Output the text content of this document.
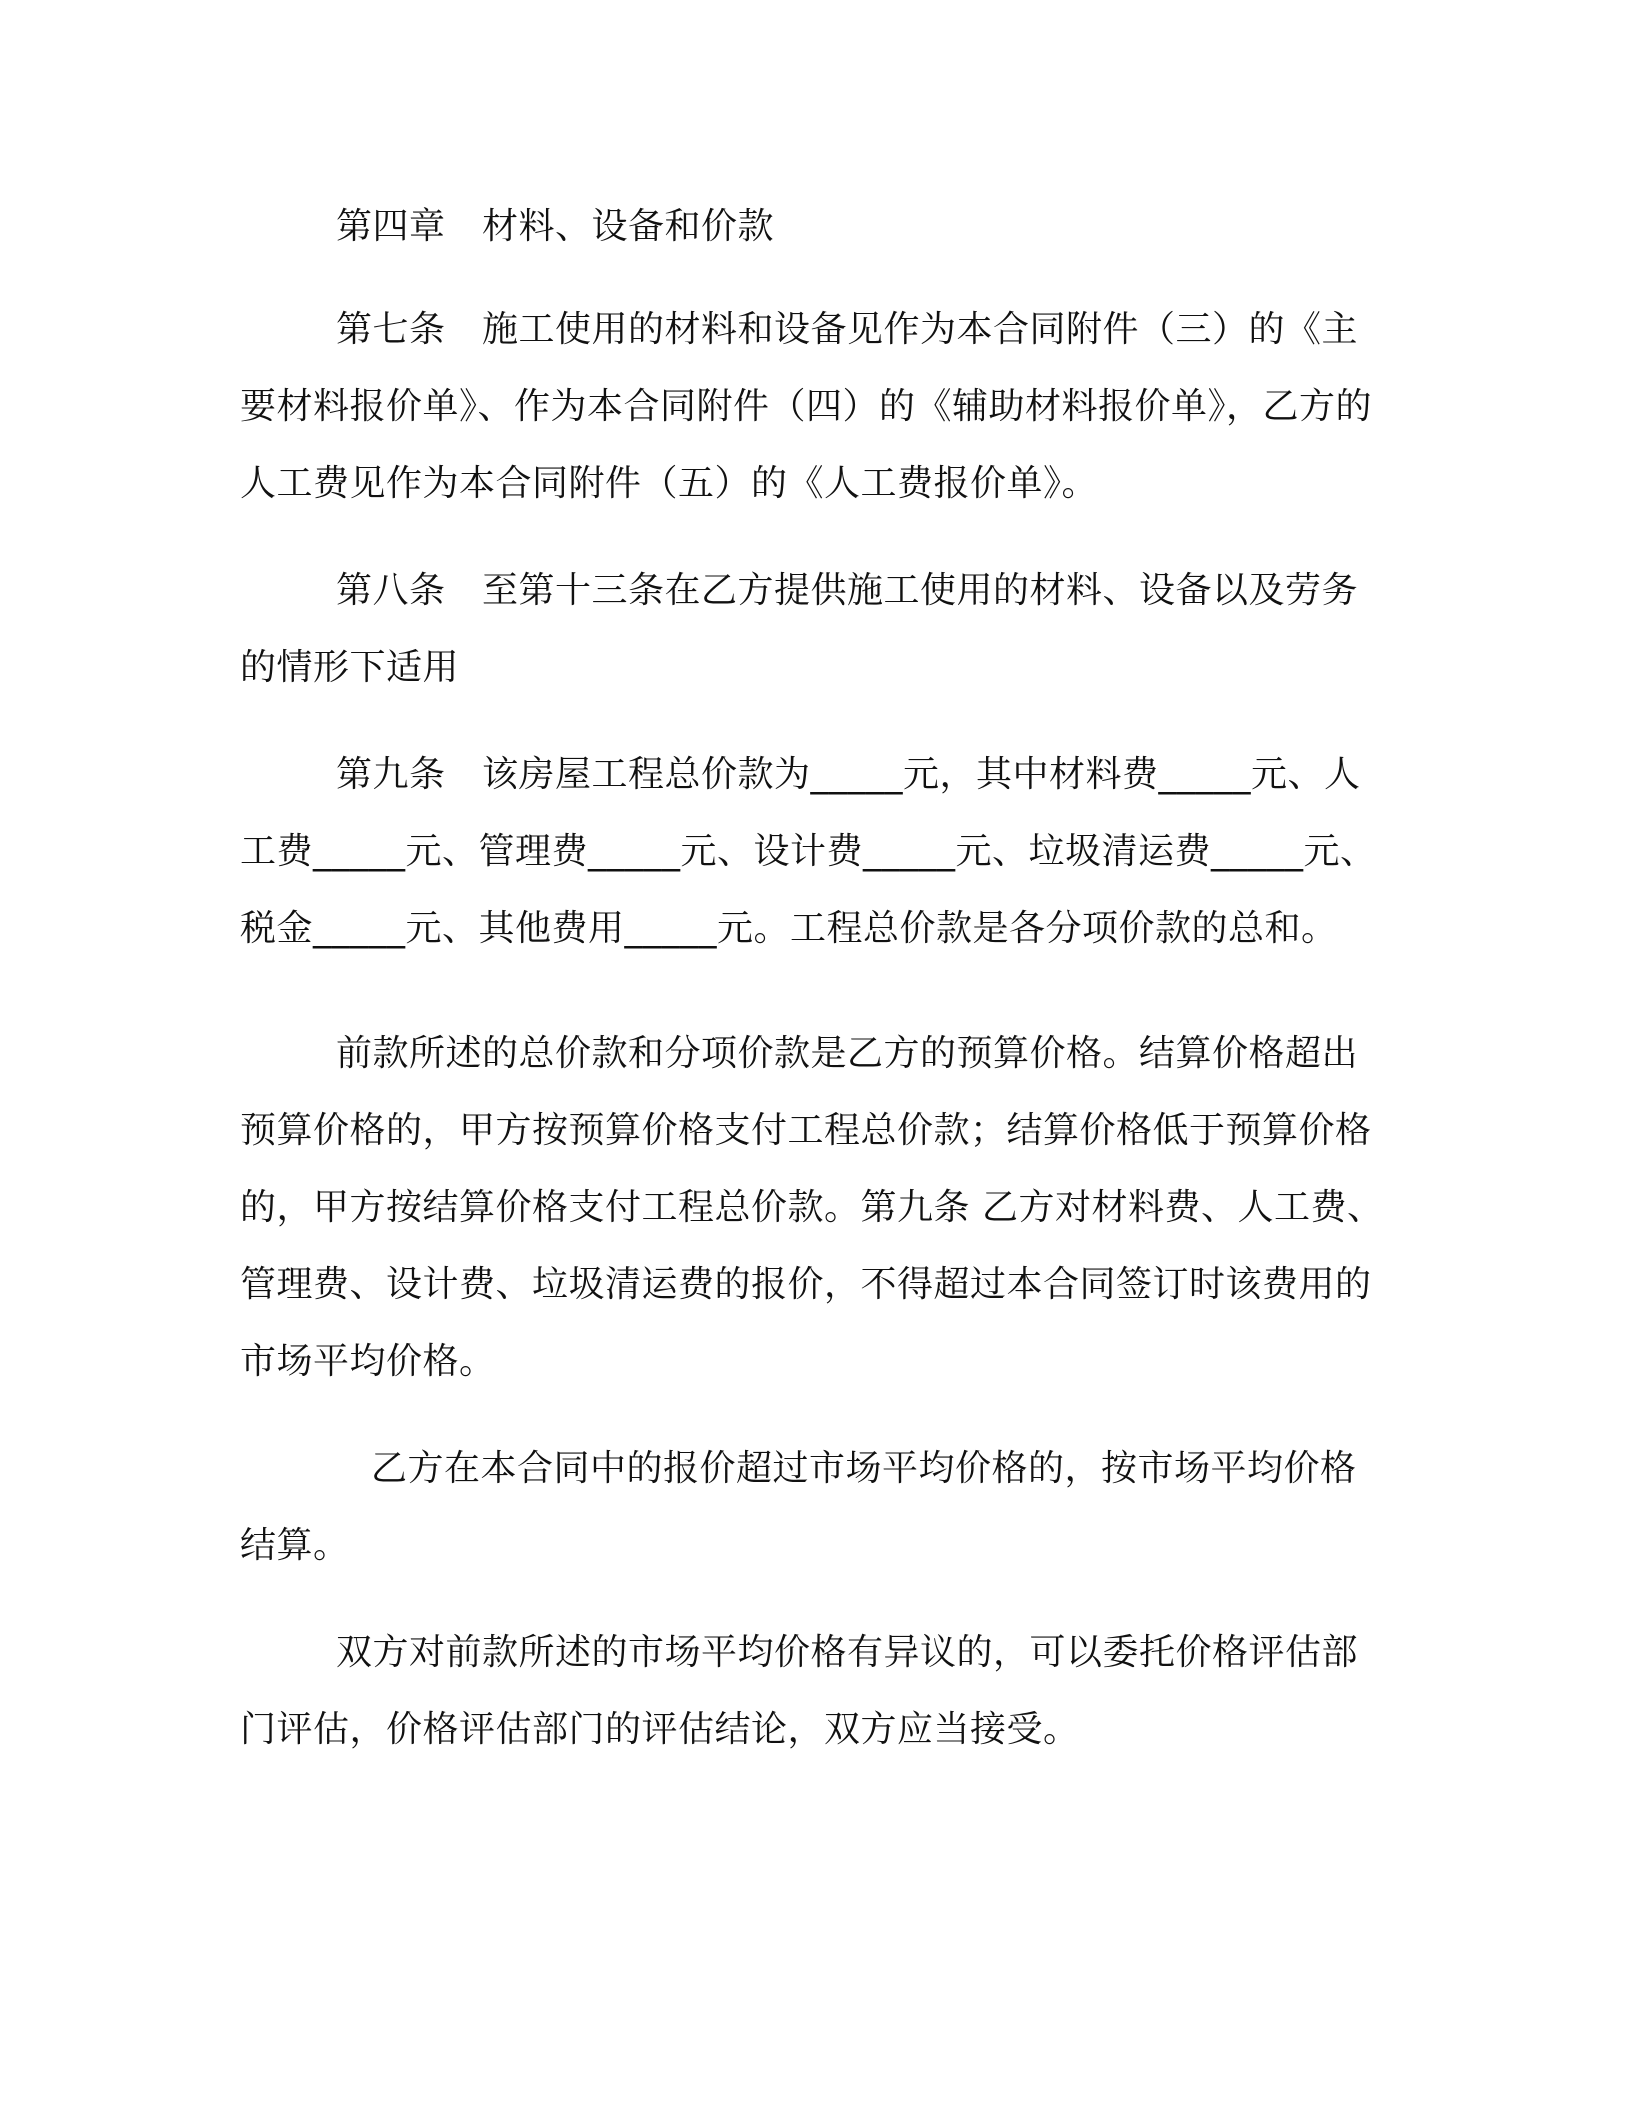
第四章　材料、设备和价款

第七条　施工使用的材料和设备见作为本合同附件（三）的《主要材料报价单》、作为本合同附件（四）的《辅助材料报价单》，乙方的人工费见作为本合同附件（五）的《人工费报价单》。

第八条　至第十三条在乙方提供施工使用的材料、设备以及劳务的情形下适用

第九条　该房屋工程总价款为_____元，其中材料费_____元、人工费_____元、管理费_____元、设计费_____元、垃圾清运费_____元、税金_____元、其他费用_____元。工程总价款是各分项价款的总和。

前款所述的总价款和分项价款是乙方的预算价格。结算价格超出预算价格的，甲方按预算价格支付工程总价款；结算价格低于预算价格的，甲方按结算价格支付工程总价款。第九条 乙方对材料费、人工费、管理费、设计费、垃圾清运费的报价，不得超过本合同签订时该费用的市场平均价格。

乙方在本合同中的报价超过市场平均价格的，按市场平均价格结算。

双方对前款所述的市场平均价格有异议的，可以委托价格评估部门评估，价格评估部门的评估结论，双方应当接受。
